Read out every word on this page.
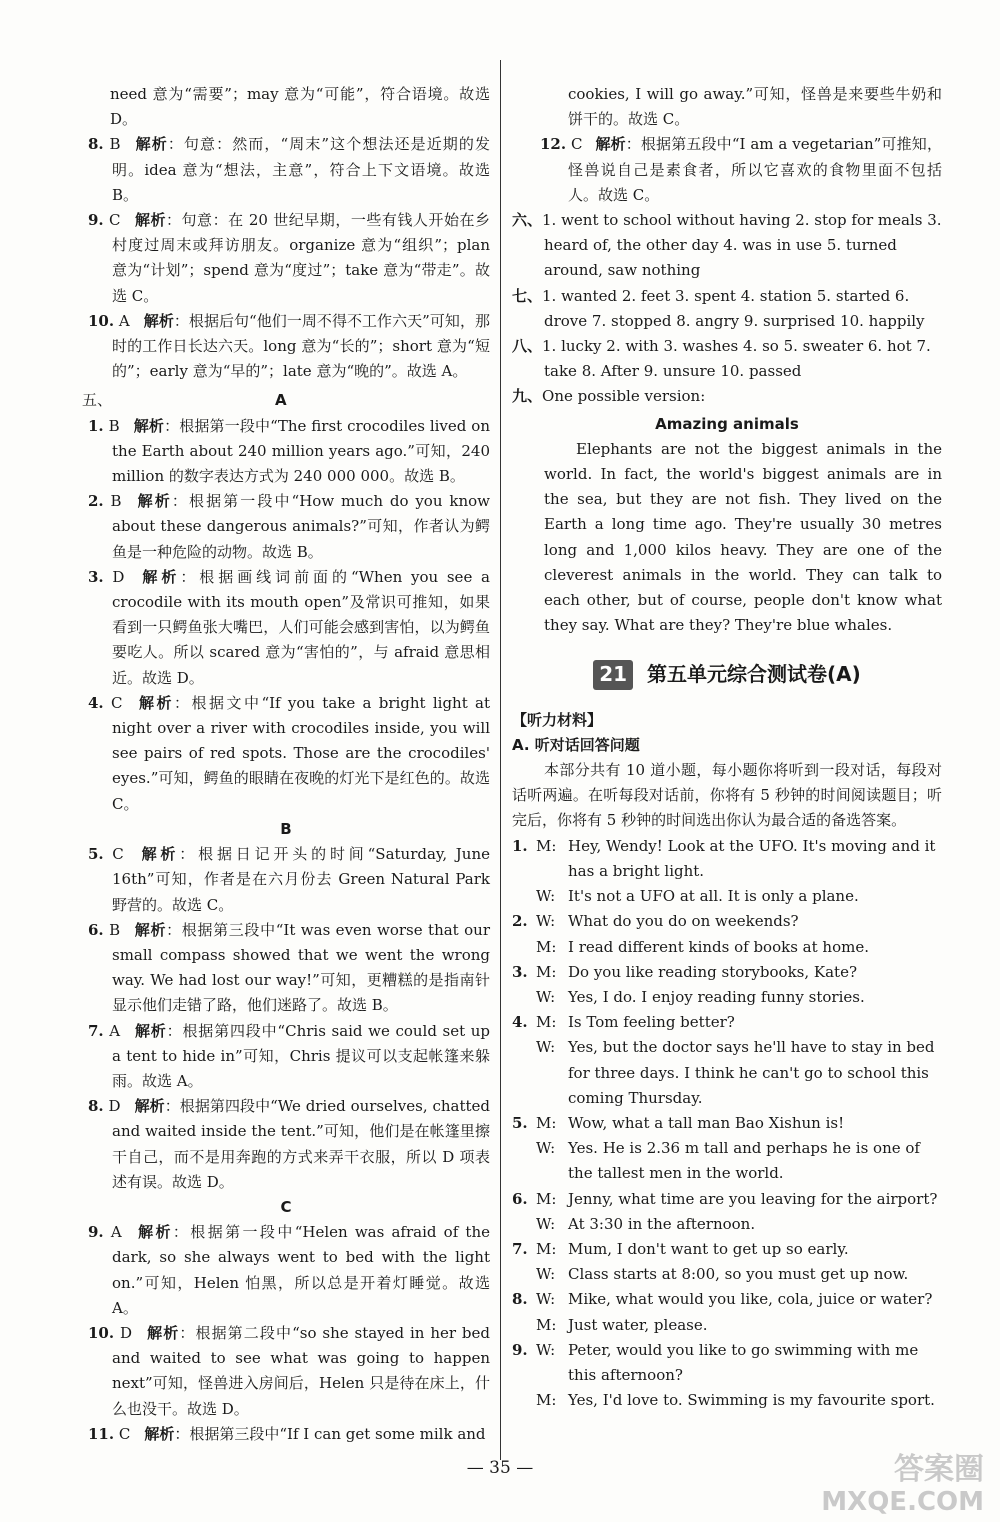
need 意为“需要”；may 意为“可能”，符合语境。故选 D。
8. B 解析：句意：然而，“周末”这个想法还是近期的发明。idea 意为“想法，主意”，符合上下文语境。故选 B。
9. C 解析：句意：在 20 世纪早期，一些有钱人开始在乡村度过周末或拜访朋友。organize 意为“组织”；plan 意为“计划”；spend 意为“度过”；take 意为“带走”。故选 C。
10. A 解析：根据后句“他们一周不得不工作六天”可知，那时的工作日长达六天。long 意为“长的”；short 意为“短的”；early 意为“早的”；late 意为“晚的”。故选 A。
五、	A
1. B 解析：根据第一段中“The first crocodiles lived on the Earth about 240 million years ago.”可知，240 million 的数字表达方式为 240 000 000。故选 B。
2. B 解析：根据第一段中“How much do you know about these dangerous animals?”可知，作者认为鳄鱼是一种危险的动物。故选 B。
3. D 解析：根据画线词前面的“When you see a crocodile with its mouth open”及常识可推知，如果看到一只鳄鱼张大嘴巴，人们可能会感到害怕，以为鳄鱼要吃人。所以 scared 意为“害怕的”，与 afraid 意思相近。故选 D。
4. C 解析：根据文中“If you take a bright light at night over a river with crocodiles inside, you will see pairs of red spots. Those are the crocodiles' eyes.”可知，鳄鱼的眼睛在夜晚的灯光下是红色的。故选 C。
B
5. C 解析：根据日记开头的时间“Saturday, June 16th”可知，作者是在六月份去 Green Natural Park 野营的。故选 C。
6. B 解析：根据第三段中“It was even worse that our small compass showed that we went the wrong way. We had lost our way!”可知，更糟糕的是指南针显示他们走错了路，他们迷路了。故选 B。
7. A 解析：根据第四段中“Chris said we could set up a tent to hide in”可知，Chris 提议可以支起帐篷来躲雨。故选 A。
8. D 解析：根据第四段中“We dried ourselves, chatted and waited inside the tent.”可知，他们是在帐篷里擦干自己，而不是用奔跑的方式来弄干衣服，所以 D 项表述有误。故选 D。
C
9. A 解析：根据第一段中“Helen was afraid of the dark, so she always went to bed with the light on.”可知，Helen 怕黑，所以总是开着灯睡觉。故选 A。
10. D 解析：根据第二段中“so she stayed in her bed and waited to see what was going to happen next”可知，怪兽进入房间后，Helen 只是待在床上，什么也没干。故选 D。
11. C 解析：根据第三段中“If I can get some milk and
cookies, I will go away.”可知，怪兽是来要些牛奶和饼干的。故选 C。
12. C 解析：根据第五段中“I am a vegetarian”可推知，怪兽说自己是素食者，所以它喜欢的食物里面不包括人。故选 C。
六、1. went to school without having 2. stop for meals 3. heard of, the other day 4. was in use 5. turned around, saw nothing
七、1. wanted 2. feet 3. spent 4. station 5. started 6. drove 7. stopped 8. angry 9. surprised 10. happily
八、1. lucky 2. with 3. washes 4. so 5. sweater 6. hot 7. take 8. After 9. unsure 10. passed
九、One possible version:
Amazing animals
Elephants are not the biggest animals in the world. In fact, the world's biggest animals are in the sea, but they are not fish. They lived on the Earth a long time ago. They're usually 30 metres long and 1,000 kilos heavy. They are one of the cleverest animals in the world. They can talk to each other, but of course, people don't know what they say. What are they? They're blue whales.
21	第五单元综合测试卷(A)
【听力材料】
A. 听对话回答问题
本部分共有 10 道小题，每小题你将听到一段对话，每段对话听两遍。在听每段对话前，你将有 5 秒钟的时间阅读题目；听完后，你将有 5 秒钟的时间选出你认为最合适的备选答案。
1. M: Hey, Wendy! Look at the UFO. It's moving and it has a bright light.
W: It's not a UFO at all. It is only a plane.
2. W: What do you do on weekends?
M: I read different kinds of books at home.
3. M: Do you like reading storybooks, Kate?
W: Yes, I do. I enjoy reading funny stories.
4. M: Is Tom feeling better?
W: Yes, but the doctor says he'll have to stay in bed for three days. I think he can't go to school this coming Thursday.
5. M: Wow, what a tall man Bao Xishun is!
W: Yes. He is 2.36 m tall and perhaps he is one of the tallest men in the world.
6. M: Jenny, what time are you leaving for the airport?
W: At 3:30 in the afternoon.
7. M: Mum, I don't want to get up so early.
W: Class starts at 8:00, so you must get up now.
8. W: Mike, what would you like, cola, juice or water?
M: Just water, please.
9. W: Peter, would you like to go swimming with me this afternoon?
M: Yes, I'd love to. Swimming is my favourite sport.
— 35 —	答案圈
MXQE.COM
